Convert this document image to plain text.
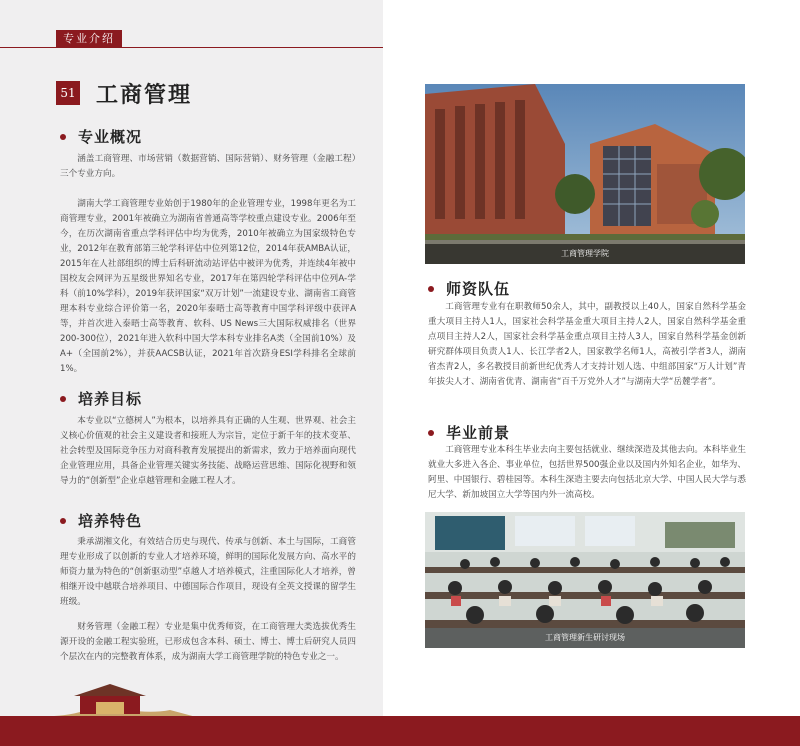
专业介绍
51 工商管理
专业概况

涵盖工商管理、市场营销（数据营销、国际营销）、财务管理（金融工程）三个专业方向。

湖南大学工商管理专业始创于1980年的企业管理专业，1998年更名为工商管理专业，2001年被确立为湖南省普通高等学校重点建设专业。2006年至今，在历次湖南省重点学科评估中均为优秀，2010年被确立为国家级特色专业，2012年在教育部第三轮学科评估中位列第12位，2014年获AMBA认证，2015年在人社部组织的博士后科研流动站评估中被评为优秀，并连续4年被中国校友会网评为五星级世界知名专业，2017年在第四轮学科评估中位列A-学科（前10%学科），2019年获评国家“双万计划”一流建设专业、湖南省工商管理本科专业综合评价第一名，2020年泰晤士高等教育中国学科评级中获评A等，并首次进入泰晤士高等教育、软科、US News三大国际权威排名（世界200-300位），2021年进入软科中国大学本科专业排名A类（全国前10%）及A+（全国前2%），并获AACSB认证，2021年首次跻身ESI学科排名全球前1%。

培养目标

本专业以“立德树人”为根本，以培养具有正确的人生观、世界观、社会主义核心价值观的社会主义建设者和接班人为宗旨，定位于新千年的技术变革、社会转型及国际竞争压力对商科教育发展提出的新需求，致力于培养面向现代企业管理应用，具备企业管理关键实务技能、战略运营思维、国际化视野和领导力的“创新型”企业卓越管理和金融工程人才。

培养特色

秉承湖湘文化，有效结合历史与现代、传承与创新、本土与国际，工商管理专业形成了以创新的专业人才培养环境，鲜明的国际化发展方向、高水平的师资力量为特色的“创新驱动型”卓越人才培养模式，注重国际化人才培养，曾相继开设中越联合培养项目、中德国际合作项目，现设有全英文授课的留学生班级。

财务管理（金融工程）专业是集中优秀师资，在工商管理大类选拔优秀生源开设的金融工程实验班，已形成包含本科、硕士、博士、博士后研究人员四个层次在内的完整教育体系，成为湖南大学工商管理学院的特色专业之一。

工商管理学院
师资队伍

工商管理专业有在职教师50余人，其中，副教授以上40人，国家自然科学基金重大项目主持人1人，国家社会科学基金重大项目主持人2人，国家自然科学基金重点项目主持人2人，国家社会科学基金重点项目主持人3人，国家自然科学基金创新研究群体项目负责人1人、长江学者2人，国家教学名师1人，高被引学者3人，湖南省杰青2人，多名教授目前新世纪优秀人才支持计划人选、中组部国家“万人计划”青年拔尖人才、湖南省优青、湖南省“百千万党外人才”与湖南大学“岳麓学者”。

毕业前景

工商管理专业本科生毕业去向主要包括就业、继续深造及其他去向。本科毕业生就业大多进入各企、事业单位，包括世界500强企业以及国内外知名企业，如华为、阿里、中国银行、碧桂园等。本科生深造主要去向包括北京大学、中国人民大学与悉尼大学、新加坡国立大学等国内外一流高校。

工商管理新生研讨现场
